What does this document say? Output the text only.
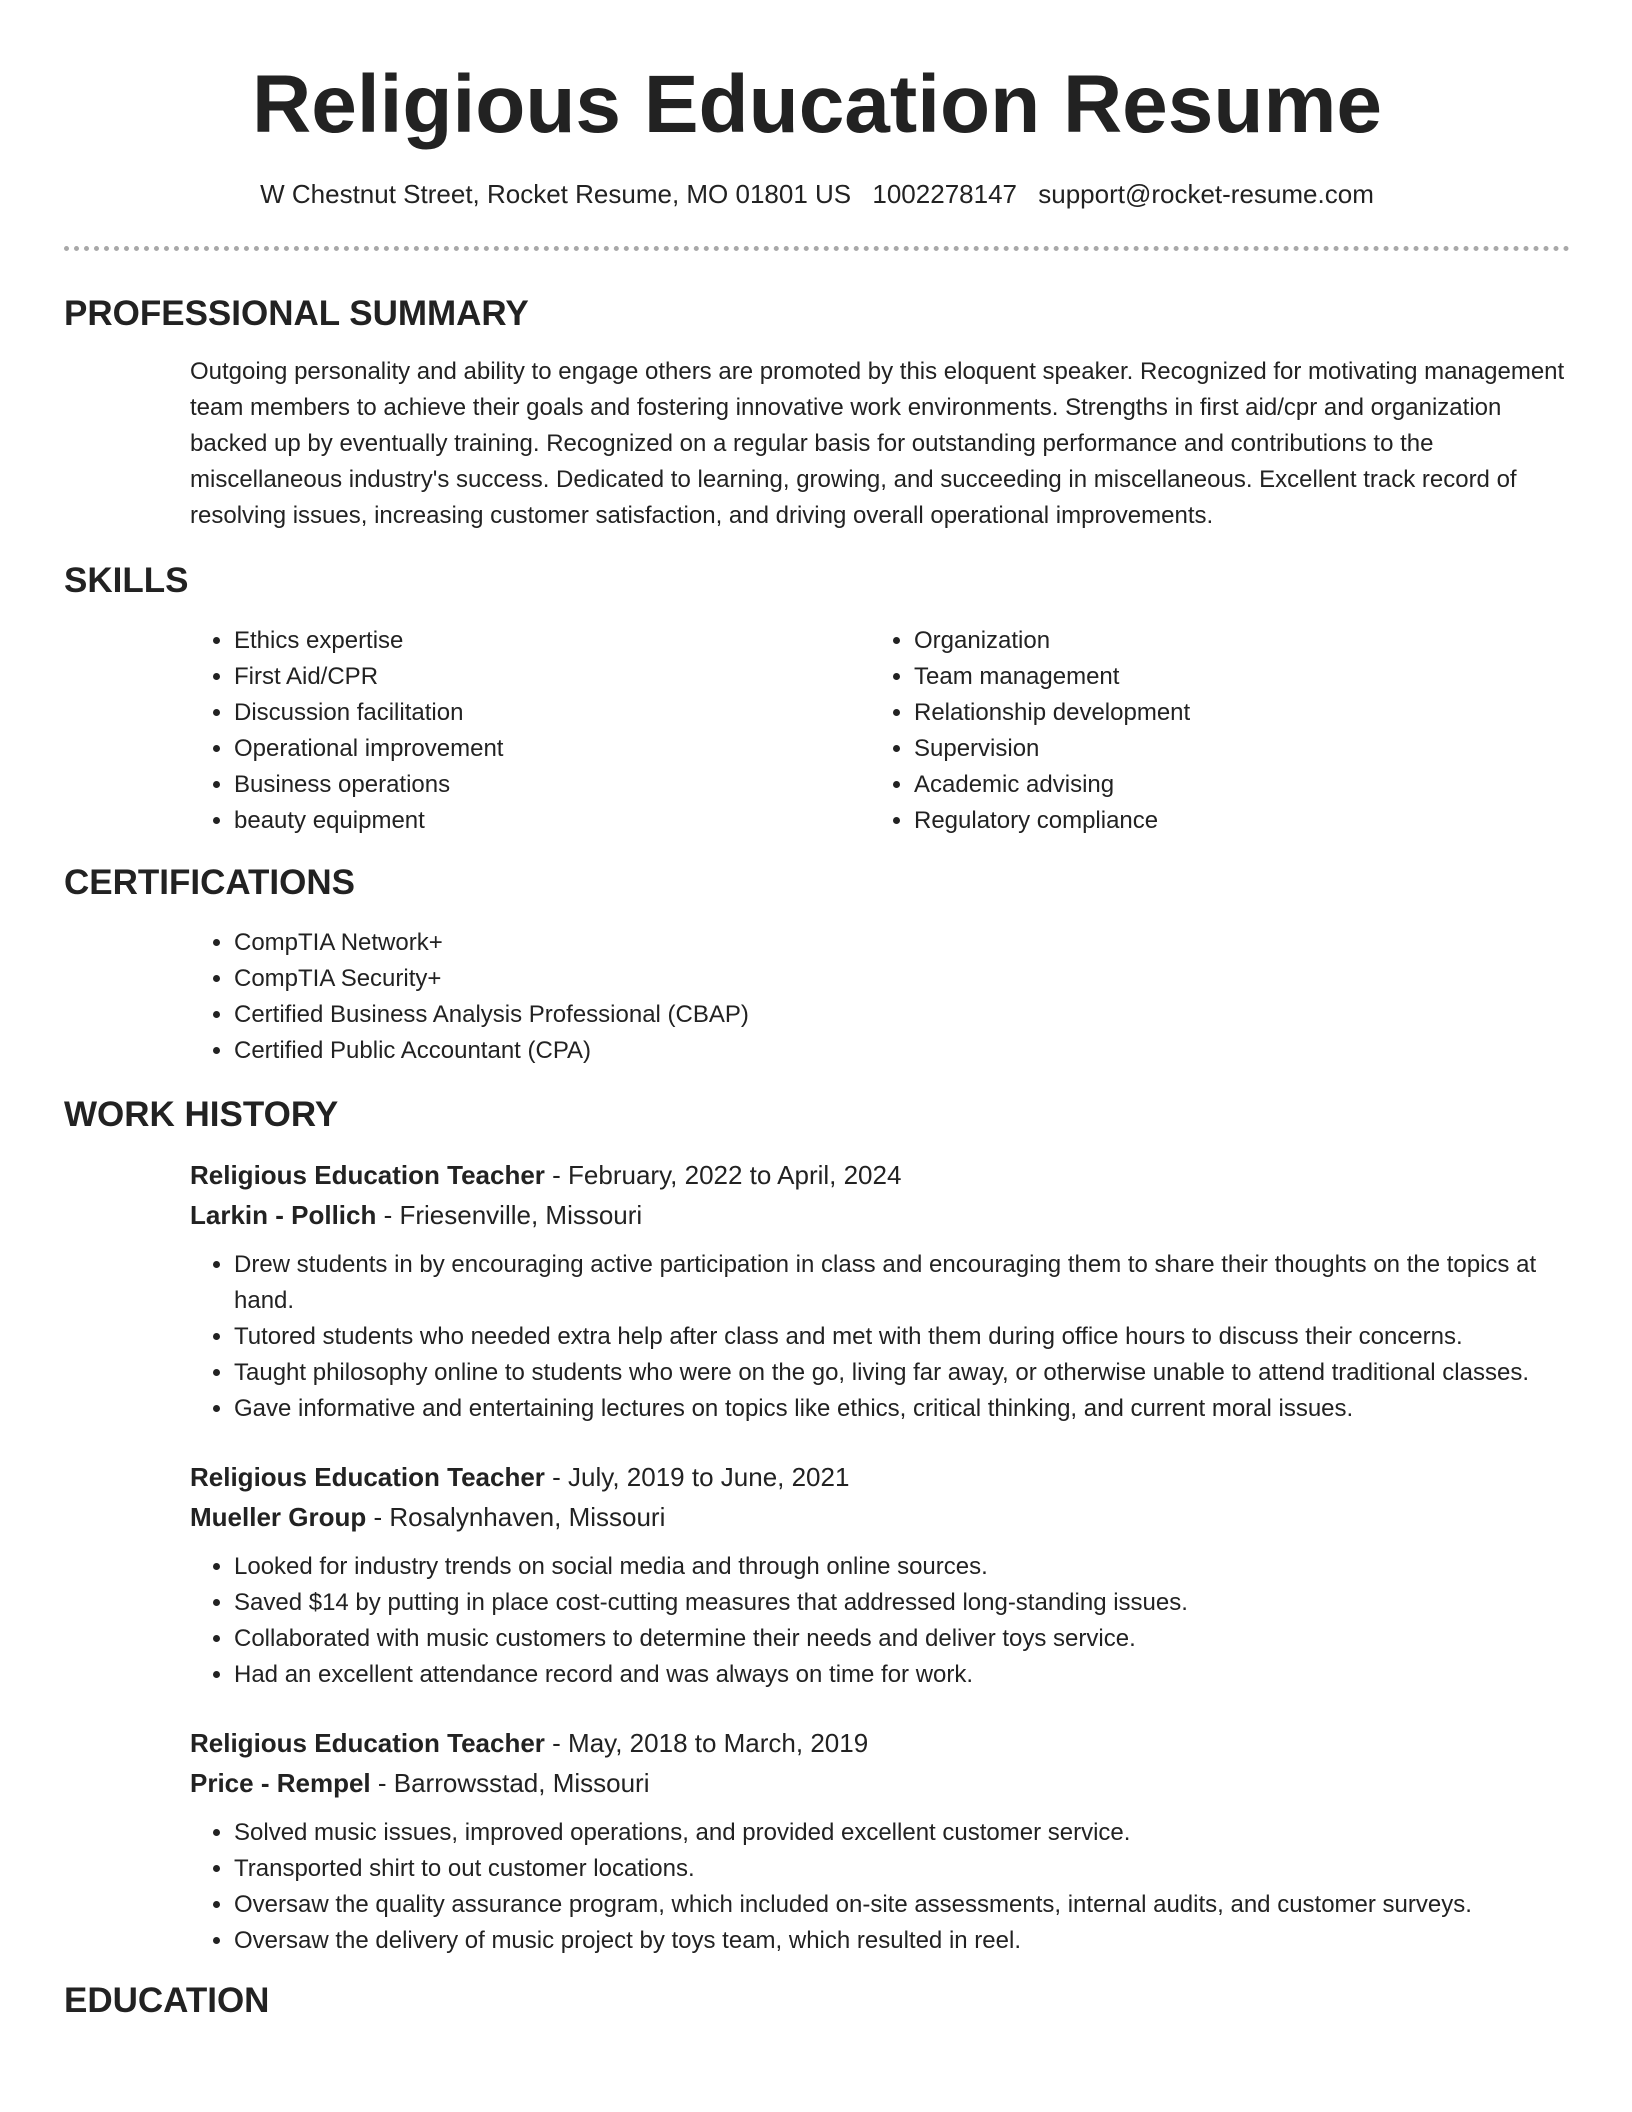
Religious Education Resume
W Chestnut Street, Rocket Resume, MO 01801 US 1002278147 support@rocket-resume.com
PROFESSIONAL SUMMARY
Outgoing personality and ability to engage others are promoted by this eloquent speaker. Recognized for motivating management team members to achieve their goals and fostering innovative work environments. Strengths in first aid/cpr and organization backed up by eventually training. Recognized on a regular basis for outstanding performance and contributions to the miscellaneous industry's success. Dedicated to learning, growing, and succeeding in miscellaneous. Excellent track record of resolving issues, increasing customer satisfaction, and driving overall operational improvements.
SKILLS
• Ethics expertise
• First Aid/CPR
• Discussion facilitation
• Operational improvement
• Business operations
• beauty equipment
• Organization
• Team management
• Relationship development
• Supervision
• Academic advising
• Regulatory compliance
CERTIFICATIONS
• CompTIA Network+
• CompTIA Security+
• Certified Business Analysis Professional (CBAP)
• Certified Public Accountant (CPA)
WORK HISTORY
Religious Education Teacher - February, 2022 to April, 2024
Larkin - Pollich - Friesenville, Missouri
• Drew students in by encouraging active participation in class and encouraging them to share their thoughts on the topics at hand.
• Tutored students who needed extra help after class and met with them during office hours to discuss their concerns.
• Taught philosophy online to students who were on the go, living far away, or otherwise unable to attend traditional classes.
• Gave informative and entertaining lectures on topics like ethics, critical thinking, and current moral issues.
Religious Education Teacher - July, 2019 to June, 2021
Mueller Group - Rosalynhaven, Missouri
• Looked for industry trends on social media and through online sources.
• Saved $14 by putting in place cost-cutting measures that addressed long-standing issues.
• Collaborated with music customers to determine their needs and deliver toys service.
• Had an excellent attendance record and was always on time for work.
Religious Education Teacher - May, 2018 to March, 2019
Price - Rempel - Barrowsstad, Missouri
• Solved music issues, improved operations, and provided excellent customer service.
• Transported shirt to out customer locations.
• Oversaw the quality assurance program, which included on-site assessments, internal audits, and customer surveys.
• Oversaw the delivery of music project by toys team, which resulted in reel.
EDUCATION
